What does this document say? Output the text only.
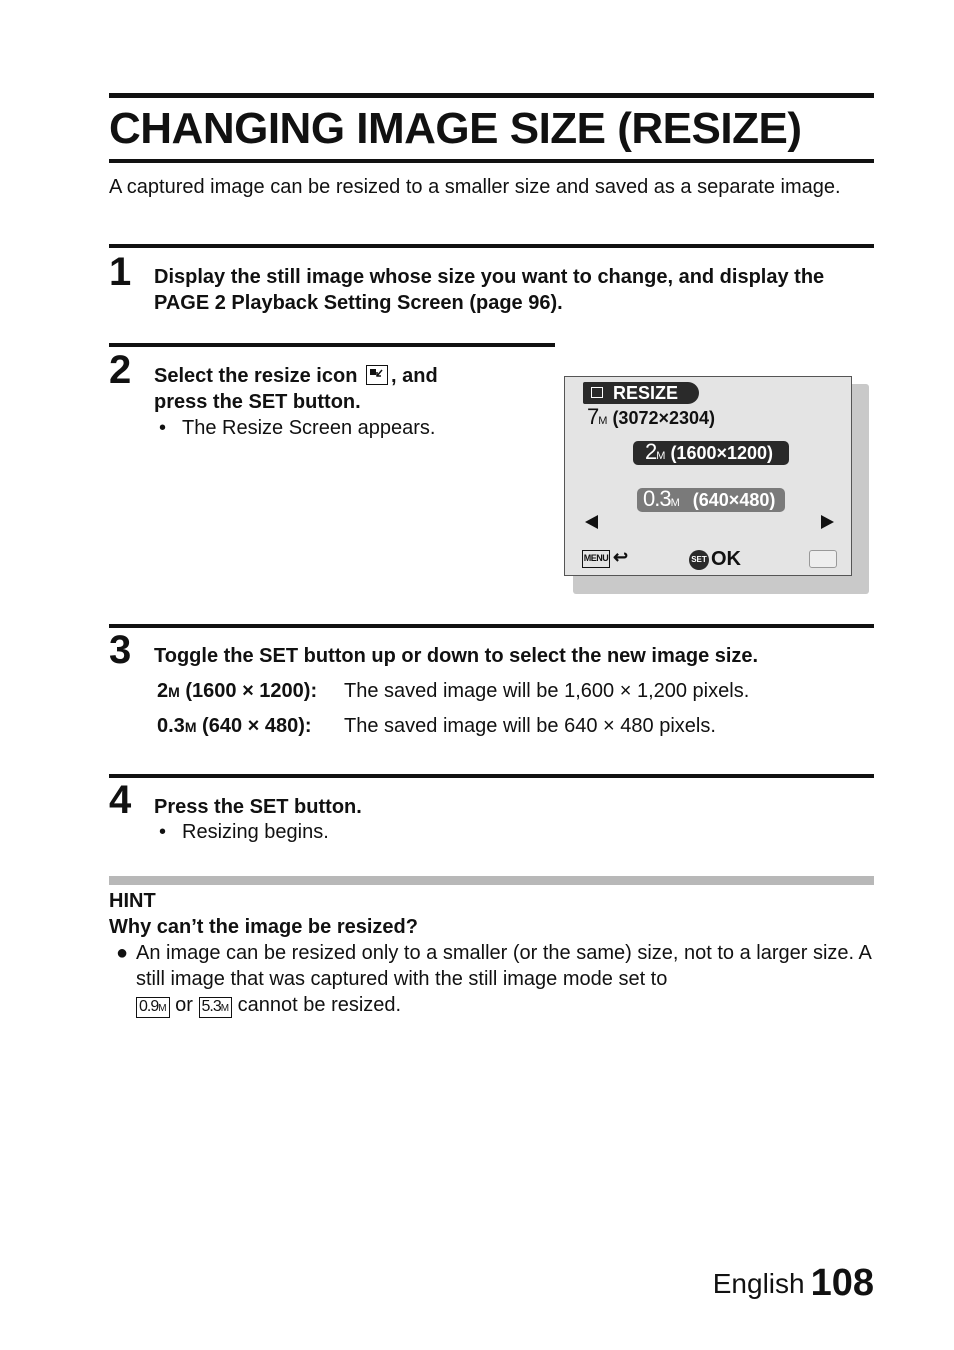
CHANGING IMAGE SIZE (RESIZE)
A captured image can be resized to a smaller size and saved as a separate image.
1 Display the still image whose size you want to change, and display the PAGE 2 Playback Setting Screen (page 96).
2 Select the resize icon , and
press the SET button.
• The Resize Screen appears.
RESIZE
7M (3072×2304)
2M (1600×1200)
0.3M (640×480)
MENU ↩	SET OK
3 Toggle the SET button up or down to select the new image size.
2M (1600 × 1200): The saved image will be 1,600 × 1,200 pixels.
0.3M (640 × 480): The saved image will be 640 × 480 pixels.
4 Press the SET button.
• Resizing begins.
HINT
Why can’t the image be resized?
● An image can be resized only to a smaller (or the same) size, not to a larger size. A still image that was captured with the still image mode set to
0.9M or 5.3M cannot be resized.
English 108
